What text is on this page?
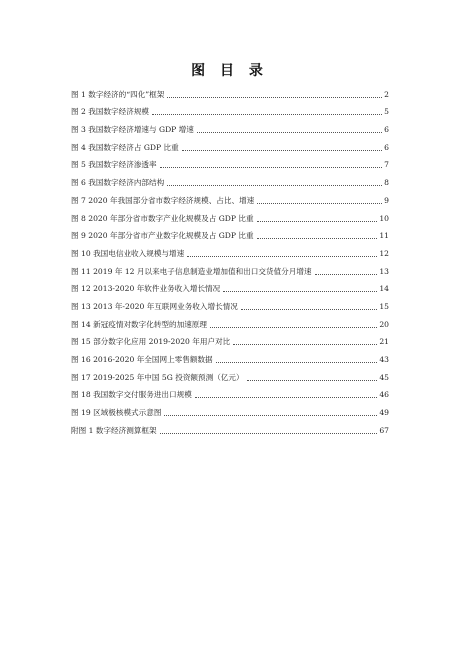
图 目 录
图 1 数字经济的“四化”框架	2
图 2 我国数字经济规模	5
图 3 我国数字经济增速与 GDP 增速	6
图 4 我国数字经济占 GDP 比重	6
图 5 我国数字经济渗透率	7
图 6 我国数字经济内部结构	8
图 7 2020 年我国部分省市数字经济规模、占比、增速	9
图 8 2020 年部分省市数字产业化规模及占 GDP 比重	10
图 9 2020 年部分省市产业数字化规模及占 GDP 比重	11
图 10 我国电信业收入规模与增速	12
图 11 2019 年 12 月以来电子信息制造业增加值和出口交货值分月增速	13
图 12 2013-2020 年软件业务收入增长情况	14
图 13 2013 年-2020 年互联网业务收入增长情况	15
图 14 新冠疫情对数字化转型的加速原理	20
图 15 部分数字化应用 2019-2020 年用户对比	21
图 16 2016-2020 年全国网上零售额数据	43
图 17 2019-2025 年中国 5G 投资额预测（亿元）	45
图 18 我国数字交付服务进出口规模	46
图 19 区域极核模式示意图	49
附图 1 数字经济测算框架	67
